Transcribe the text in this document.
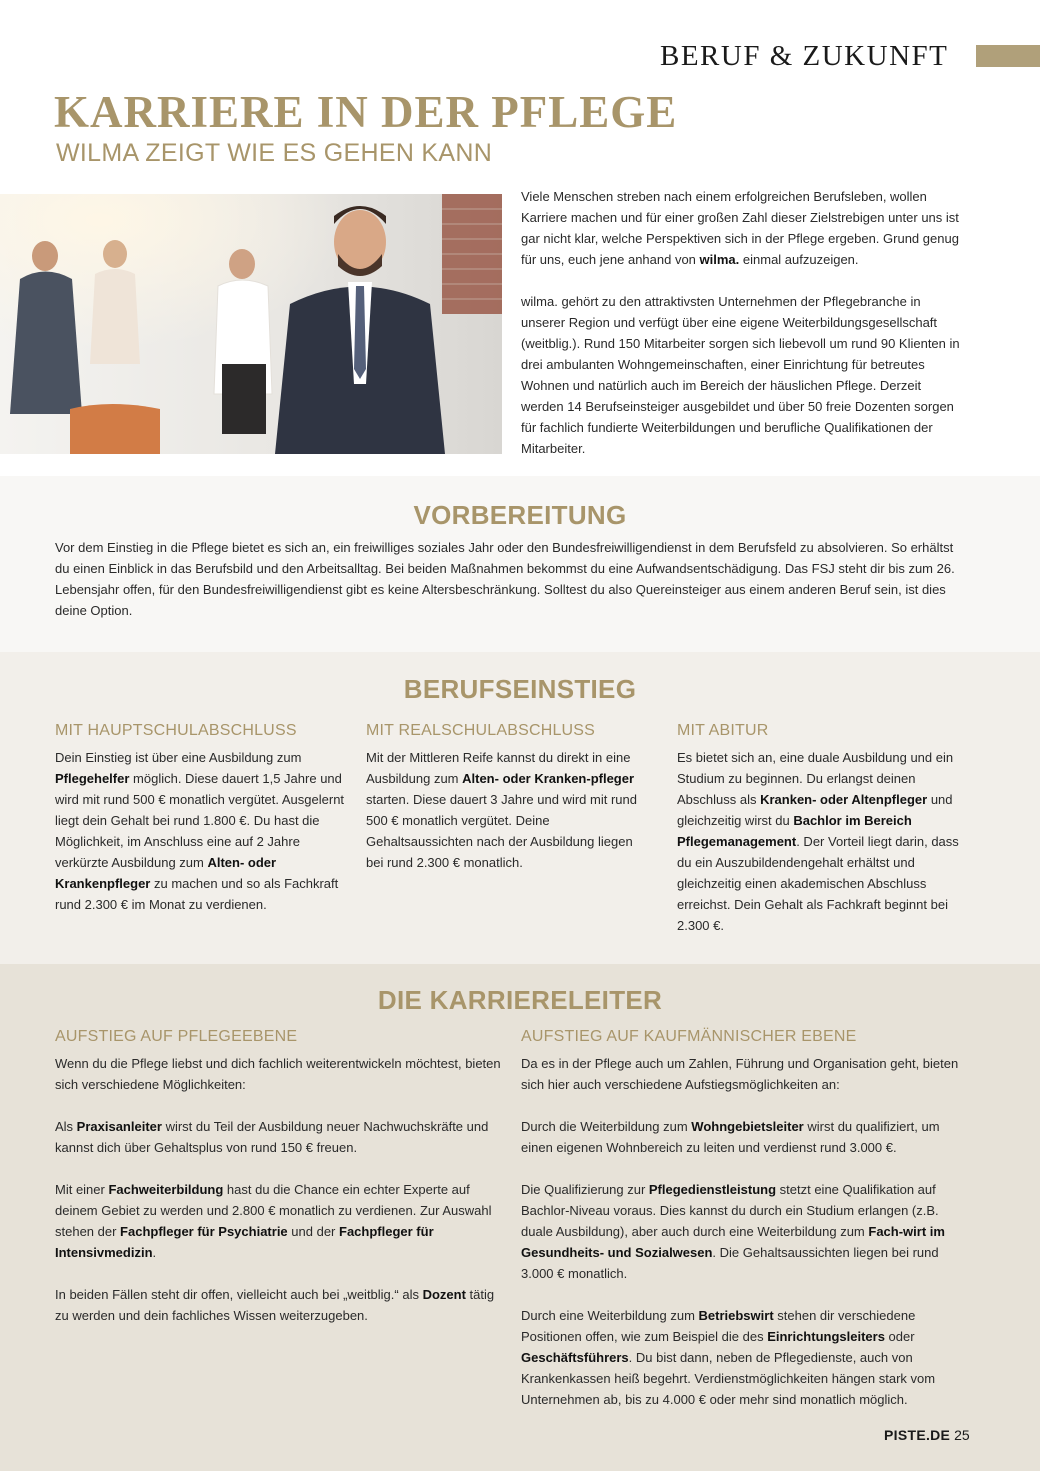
BERUF & ZUKUNFT
KARRIERE IN DER PFLEGE
WILMA ZEIGT WIE ES GEHEN KANN

Viele Menschen streben nach einem erfolgreichen Berufsleben, wollen Karriere machen und für einer großen Zahl dieser Zielstrebigen unter uns ist gar nicht klar, welche Perspektiven sich in der Pflege ergeben. Grund genug für uns, euch jene anhand von wilma. einmal aufzuzeigen.

wilma. gehört zu den attraktivsten Unternehmen der Pflegebranche in unserer Region und verfügt über eine eigene Weiterbildungsgesellschaft (weitblig.). Rund 150 Mitarbeiter sorgen sich liebevoll um rund 90 Klienten in drei ambulanten Wohngemeinschaften, einer Einrichtung für betreutes Wohnen und natürlich auch im Bereich der häuslichen Pflege. Derzeit werden 14 Berufseinsteiger ausgebildet und über 50 freie Dozenten sorgen für fachlich fundierte Weiterbildungen und berufliche Qualifikationen der Mitarbeiter.

VORBEREITUNG
Vor dem Einstieg in die Pflege bietet es sich an, ein freiwilliges soziales Jahr oder den Bundesfreiwilligendienst in dem Berufsfeld zu absolvieren. So erhältst du einen Einblick in das Berufsbild und den Arbeitsalltag. Bei beiden Maßnahmen bekommst du eine Aufwandsentschädigung. Das FSJ steht dir bis zum 26. Lebensjahr offen, für den Bundesfreiwilligendienst gibt es keine Altersbeschränkung. Solltest du also Quereinsteiger aus einem anderen Beruf sein, ist dies deine Option.
BERUFSEINSTIEG
MIT HAUPTSCHULABSCHLUSS
Dein Einstieg ist über eine Ausbildung zum Pflegehelfer möglich. Diese dauert 1,5 Jahre und wird mit rund 500 € monatlich vergütet. Ausgelernt liegt dein Gehalt bei rund 1.800 €. Du hast die Möglichkeit, im Anschluss eine auf 2 Jahre verkürzte Ausbildung zum Alten- oder Krankenpfleger zu machen und so als Fachkraft rund 2.300 € im Monat zu verdienen.
MIT REALSCHULABSCHLUSS
Mit der Mittleren Reife kannst du direkt in eine Ausbildung zum Alten- oder Kranken-pfleger starten. Diese dauert 3 Jahre und wird mit rund 500 € monatlich vergütet. Deine Gehaltsaussichten nach der Ausbildung liegen bei rund 2.300 € monatlich.
MIT ABITUR
Es bietet sich an, eine duale Ausbildung und ein Studium zu beginnen. Du erlangst deinen Abschluss als Kranken- oder Altenpfleger und gleichzeitig wirst du Bachlor im Bereich Pflegemanagement. Der Vorteil liegt darin, dass du ein Auszubildendengehalt erhältst und gleichzeitig einen akademischen Abschluss erreichst. Dein Gehalt als Fachkraft beginnt bei 2.300 €.
DIE KARRIERELEITER
AUFSTIEG AUF PFLEGEEBENE

Wenn du die Pflege liebst und dich fachlich weiterentwickeln möchtest, bieten sich verschiedene Möglichkeiten:

Als Praxisanleiter wirst du Teil der Ausbildung neuer Nachwuchskräfte und kannst dich über Gehaltsplus von rund 150 € freuen.

Mit einer Fachweiterbildung hast du die Chance ein echter Experte auf deinem Gebiet zu werden und 2.800 € monatlich zu verdienen. Zur Auswahl stehen der Fachpfleger für Psychiatrie und der Fachpfleger für Intensivmedizin.

In beiden Fällen steht dir offen, vielleicht auch bei „weitblig.“ als Dozent tätig zu werden und dein fachliches Wissen weiterzugeben.

AUFSTIEG AUF KAUFMÄNNISCHER EBENE

Da es in der Pflege auch um Zahlen, Führung und Organisation geht, bieten sich hier auch verschiedene Aufstiegsmöglichkeiten an:

Durch die Weiterbildung zum Wohngebietsleiter wirst du qualifiziert, um einen eigenen Wohnbereich zu leiten und verdienst rund 3.000 €.

Die Qualifizierung zur Pflegedienstleistung stetzt eine Qualifikation auf Bachlor-Niveau voraus. Dies kannst du durch ein Studium erlangen (z.B. duale Ausbildung), aber auch durch eine Weiterbildung zum Fach-wirt im Gesundheits- und Sozialwesen. Die Gehaltsaussichten liegen bei rund 3.000 € monatlich.

Durch eine Weiterbildung zum Betriebswirt stehen dir verschiedene Positionen offen, wie zum Beispiel die des Einrichtungsleiters oder Geschäftsführers. Du bist dann, neben de Pflegedienste, auch von Krankenkassen heiß begehrt. Verdienstmöglichkeiten hängen stark vom Unternehmen ab, bis zu 4.000 € oder mehr sind monatlich möglich.

PISTE.DE 25
